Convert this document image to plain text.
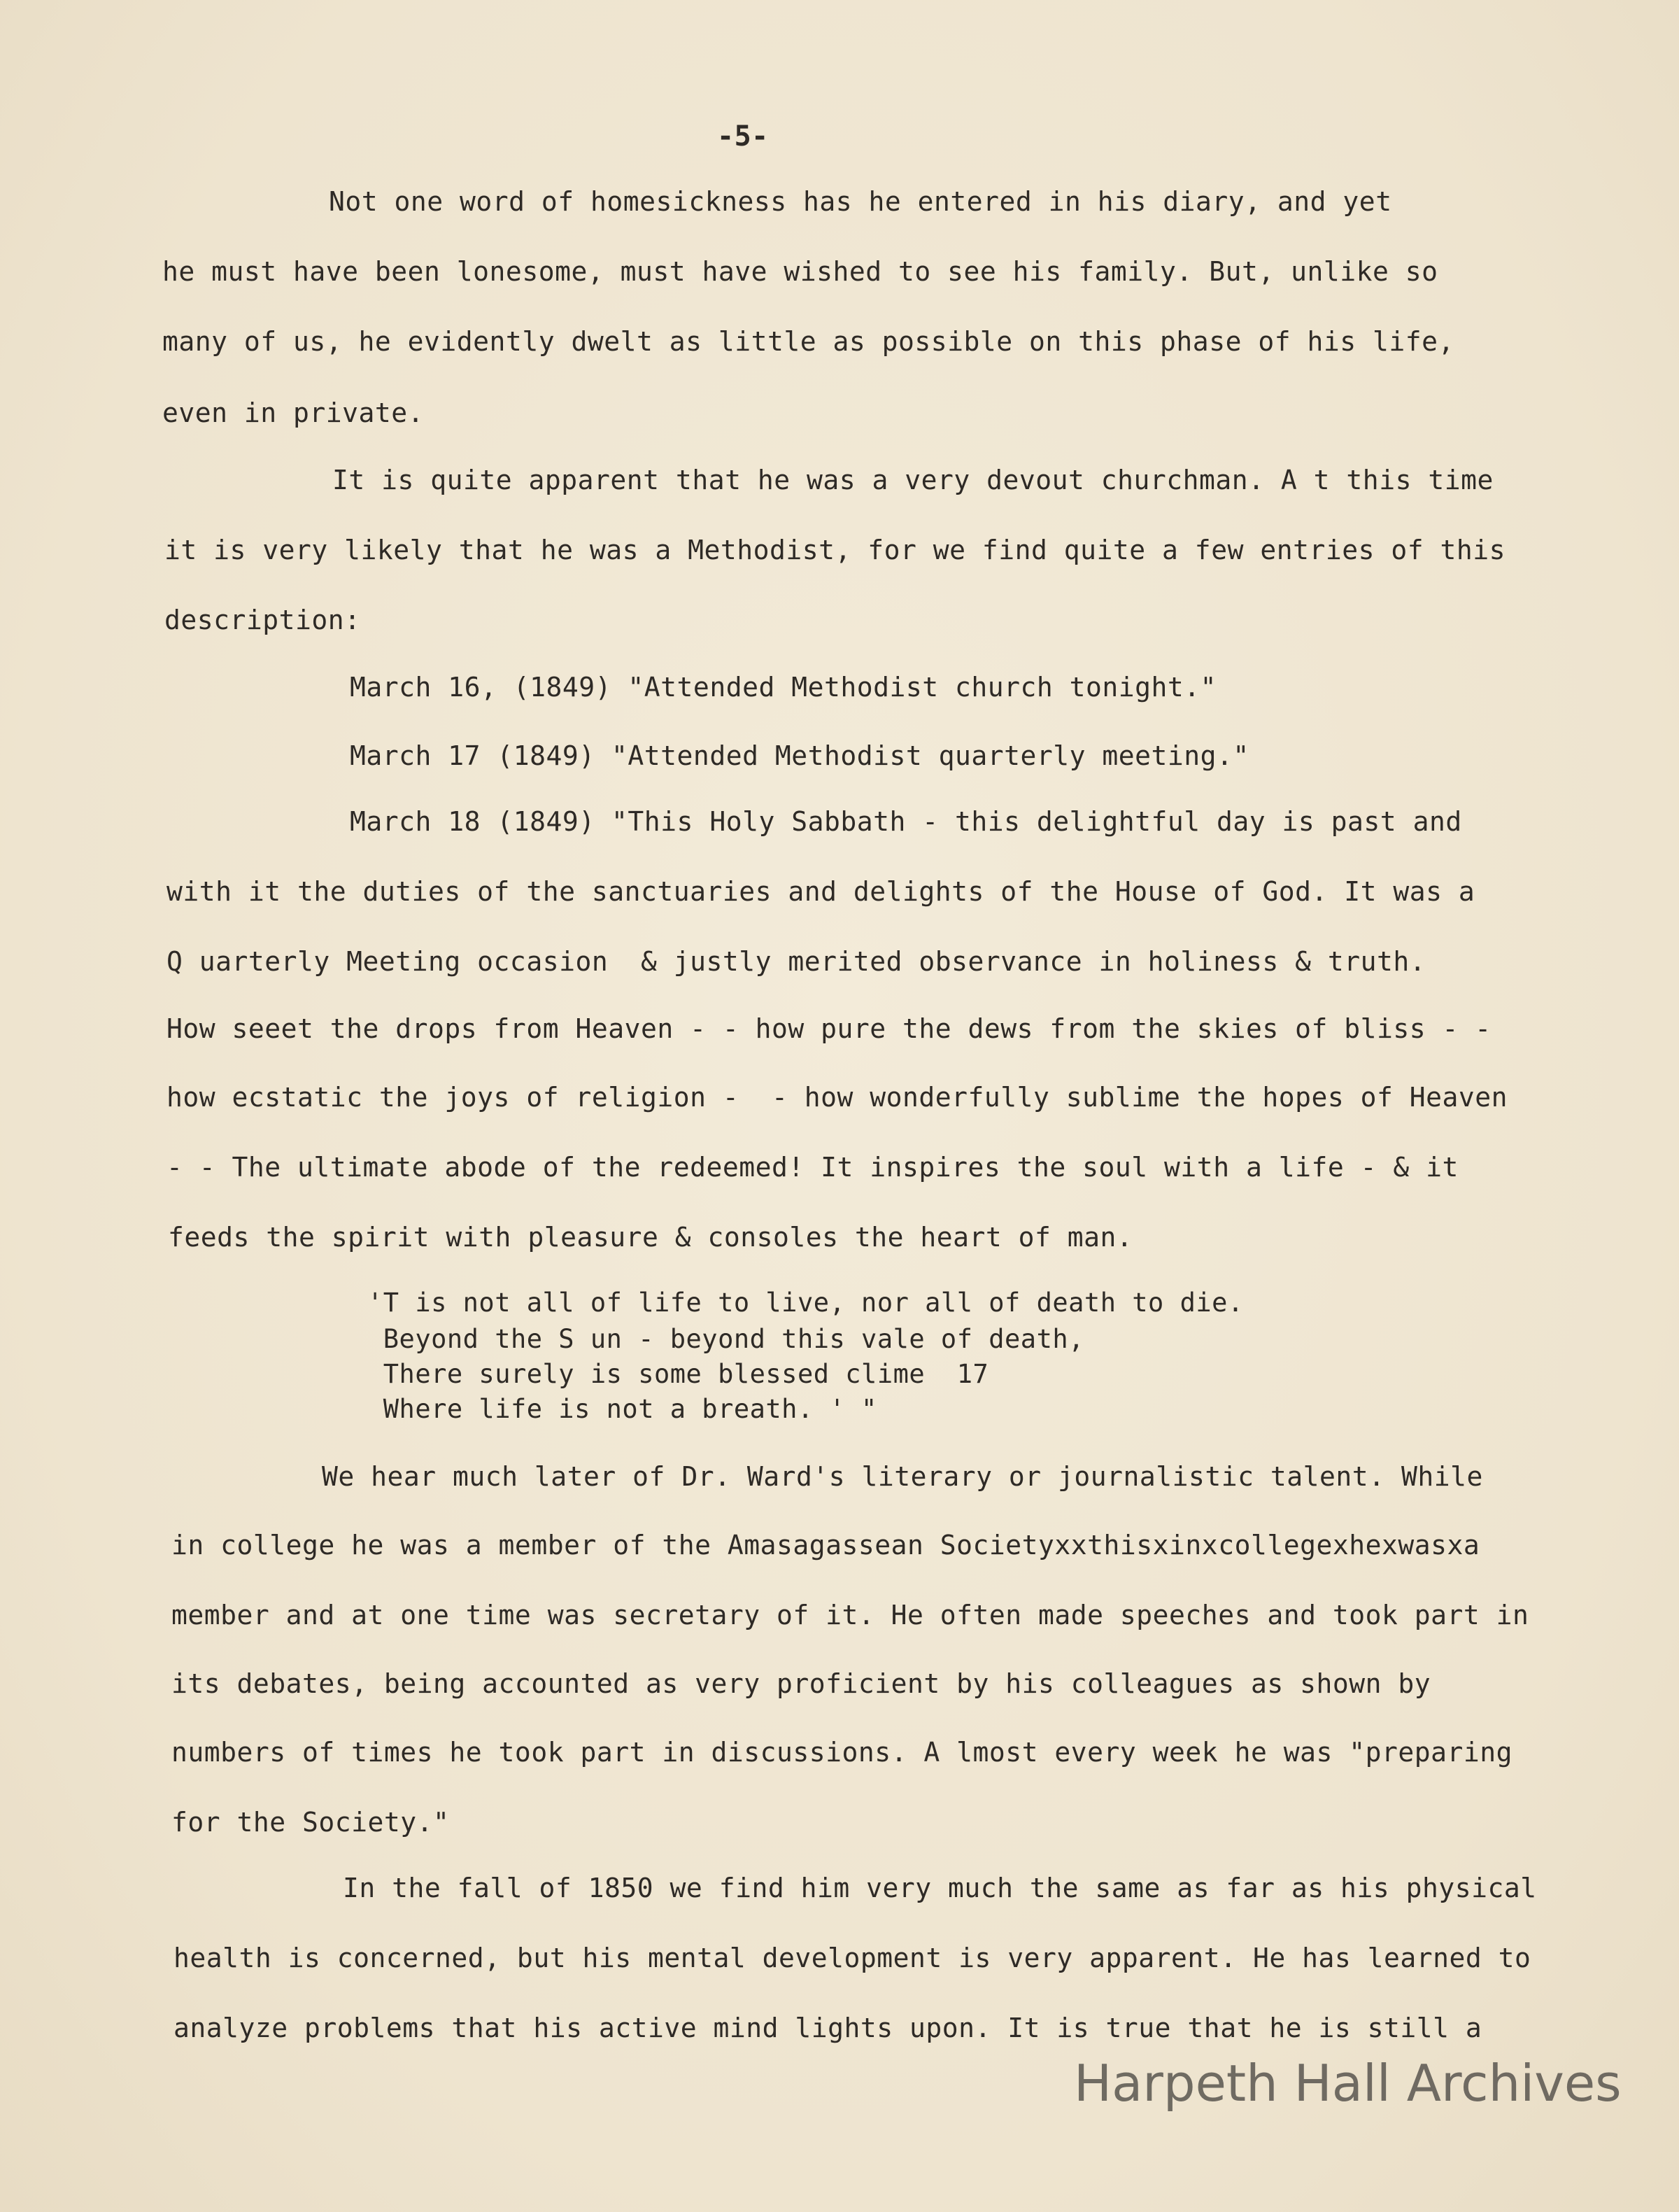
-5-
Not one word of homesickness has he entered in his diary, and yet
he must have been lonesome, must have wished to see his family. But, unlike so
many of us, he evidently dwelt as little as possible on this phase of his life,
even in private.
It is quite apparent that he was a very devout churchman. A t this time
it is very likely that he was a Methodist, for we find quite a few entries of this
description:
March 16, (1849) "Attended Methodist church tonight."
March 17 (1849) "Attended Methodist quarterly meeting."
March 18 (1849) "This Holy Sabbath - this delightful day is past and
with it the duties of the sanctuaries and delights of the House of God. It was a
Q uarterly Meeting occasion  & justly merited observance in holiness & truth.
How seeet the drops from Heaven - - how pure the dews from the skies of bliss - -
how ecstatic the joys of religion -  - how wonderfully sublime the hopes of Heaven
- - The ultimate abode of the redeemed! It inspires the soul with a life - & it
feeds the spirit with pleasure & consoles the heart of man.
'T is not all of life to live, nor all of death to die.
Beyond the S un - beyond this vale of death,
There surely is some blessed clime  17
Where life is not a breath. ' "
We hear much later of Dr. Ward's literary or journalistic talent. While
in college he was a member of the Amasagassean Societyxxthisxinxcollegexhexwasxa
member and at one time was secretary of it. He often made speeches and took part in
its debates, being accounted as very proficient by his colleagues as shown by
numbers of times he took part in discussions. A lmost every week he was "preparing
for the Society."
In the fall of 1850 we find him very much the same as far as his physical
health is concerned, but his mental development is very apparent. He has learned to
analyze problems that his active mind lights upon. It is true that he is still a
Harpeth Hall Archives
